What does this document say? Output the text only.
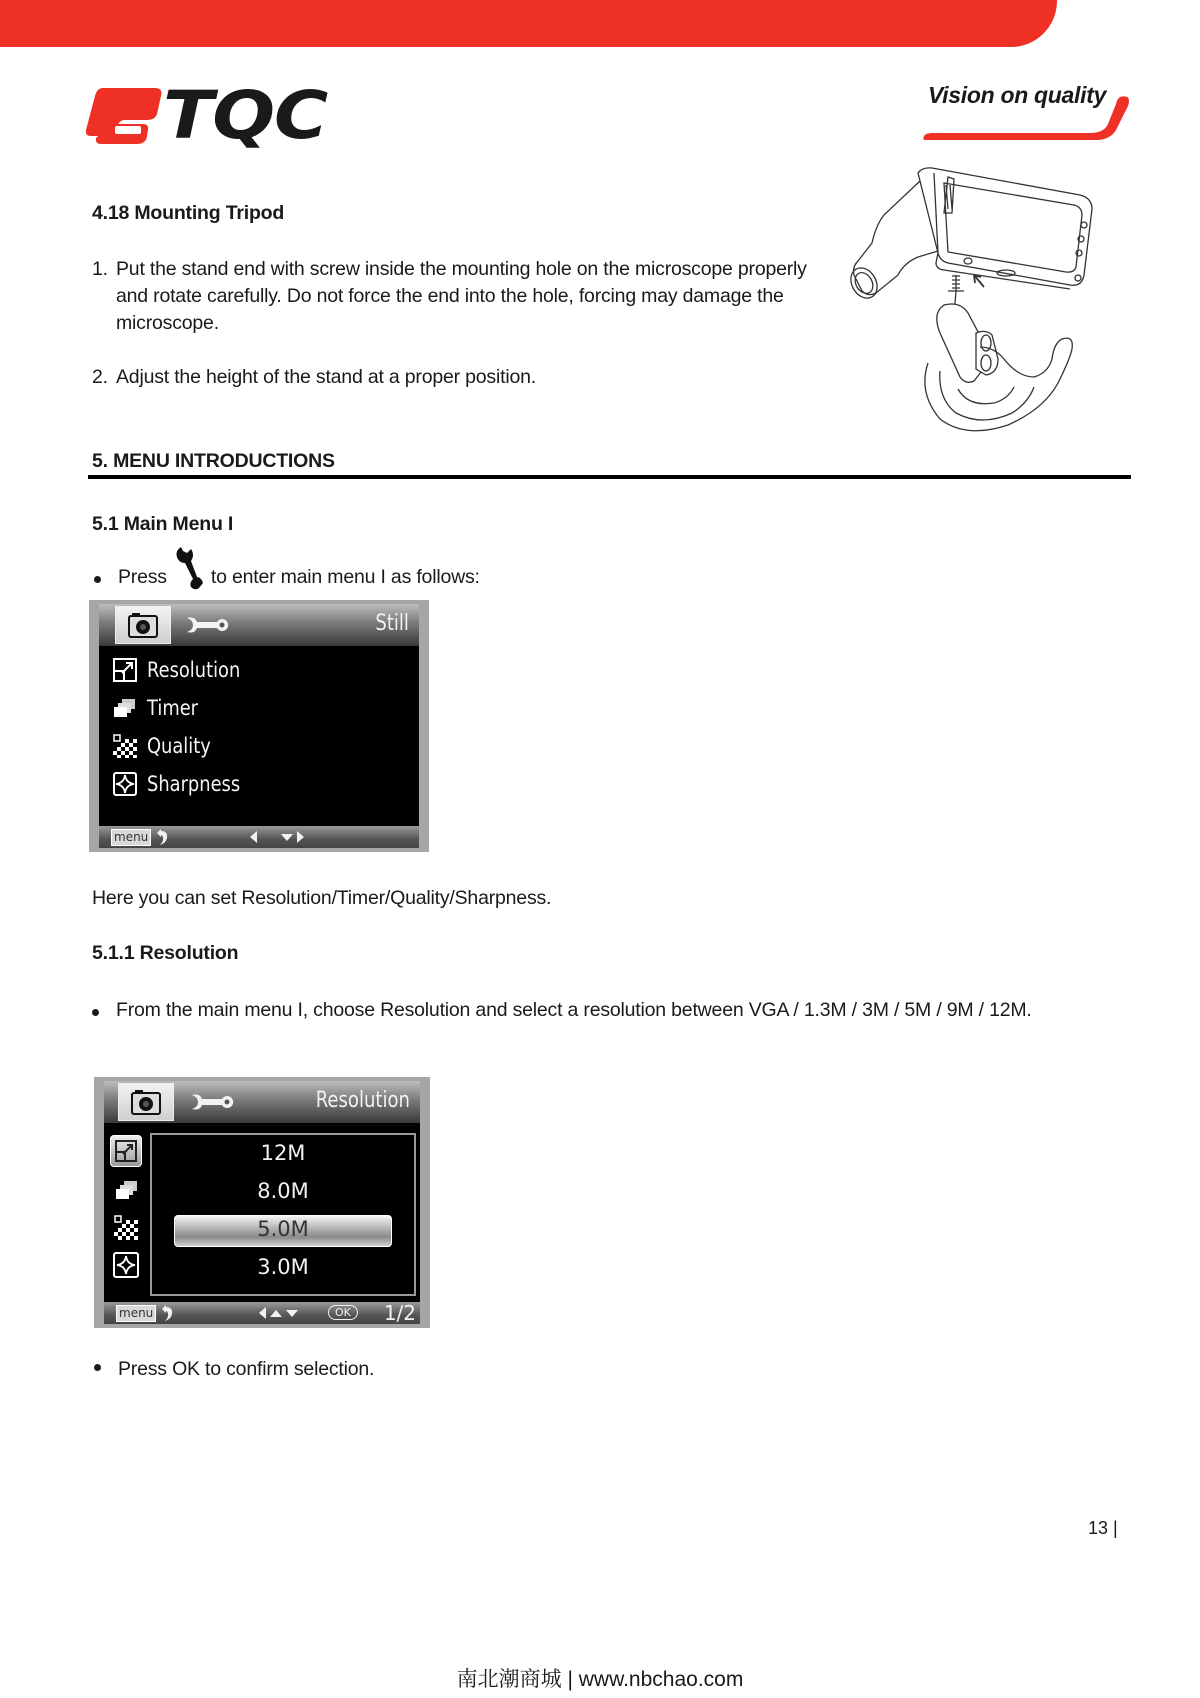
TQC	Vision on quality
4.18 Mounting Tripod
1. Put the stand end with screw inside the mounting hole on the microscope properly and rotate carefully. Do not force the end into the hole, forcing may damage the microscope.
2. Adjust the height of the stand at a proper position.
5. MENU INTRODUCTIONS
5.1 Main Menu I
Press to enter main menu I as follows:
Still
Resolution
Timer
Quality
Sharpness
menu
Here you can set Resolution/Timer/Quality/Sharpness.
5.1.1 Resolution
From the main menu I, choose Resolution and select a resolution between VGA / 1.3M / 3M / 5M / 9M / 12M.
Resolution
12M
8.0M
5.0M
3.0M
menu	OK	1/2
Press OK to confirm selection.
13 |
南北潮商城 | www.nbchao.com
